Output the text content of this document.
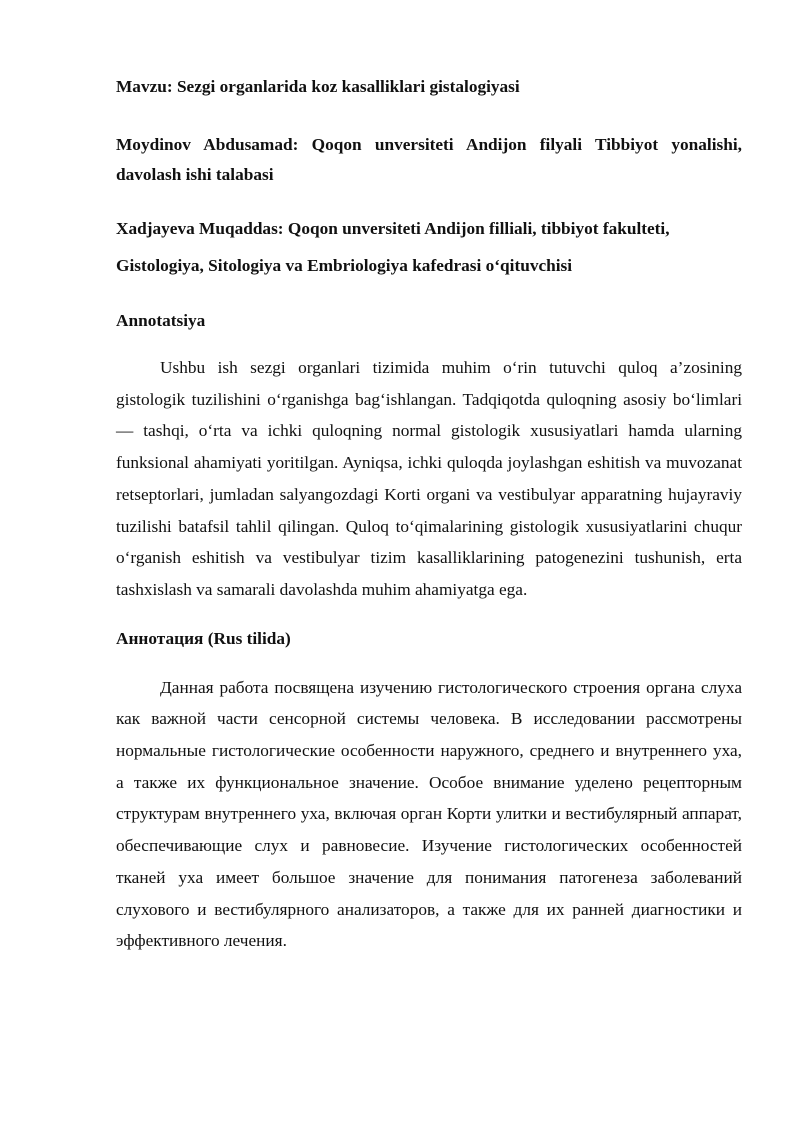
Mavzu: Sezgi organlarida koz kasalliklari gistalogiyasi

Moydinov Abdusamad: Qoqon unversiteti Andijon filyali Tibbiyot yonalishi, davolash ishi talabasi

Xadjayeva Muqaddas: Qoqon unversiteti Andijon filliali, tibbiyot fakulteti, Gistologiya, Sitologiya va Embriologiya kafedrasi o‘qituvchisi

Annotatsiya

Ushbu ish sezgi organlari tizimida muhim o‘rin tutuvchi quloq a’zosining gistologik tuzilishini o‘rganishga bag‘ishlangan. Tadqiqotda quloqning asosiy bo‘limlari — tashqi, o‘rta va ichki quloqning normal gistologik xususiyatlari hamda ularning funksional ahamiyati yoritilgan. Ayniqsa, ichki quloqda joylashgan eshitish va muvozanat retseptorlari, jumladan salyangozdagi Korti organi va vestibulyar apparatning hujayraviy tuzilishi batafsil tahlil qilingan. Quloq to‘qimalarining gistologik xususiyatlarini chuqur o‘rganish eshitish va vestibulyar tizim kasalliklarining patogenezini tushunish, erta tashxislash va samarali davolashda muhim ahamiyatga ega.

Аннотация (Rus tilida)

Данная работа посвящена изучению гистологического строения органа слуха как важной части сенсорной системы человека. В исследовании рассмотрены нормальные гистологические особенности наружного, среднего и внутреннего уха, а также их функциональное значение. Особое внимание уделено рецепторным структурам внутреннего уха, включая орган Корти улитки и вестибулярный аппарат, обеспечивающие слух и равновесие. Изучение гистологических особенностей тканей уха имеет большое значение для понимания патогенеза заболеваний слухового и вестибулярного анализаторов, а также для их ранней диагностики и эффективного лечения.
